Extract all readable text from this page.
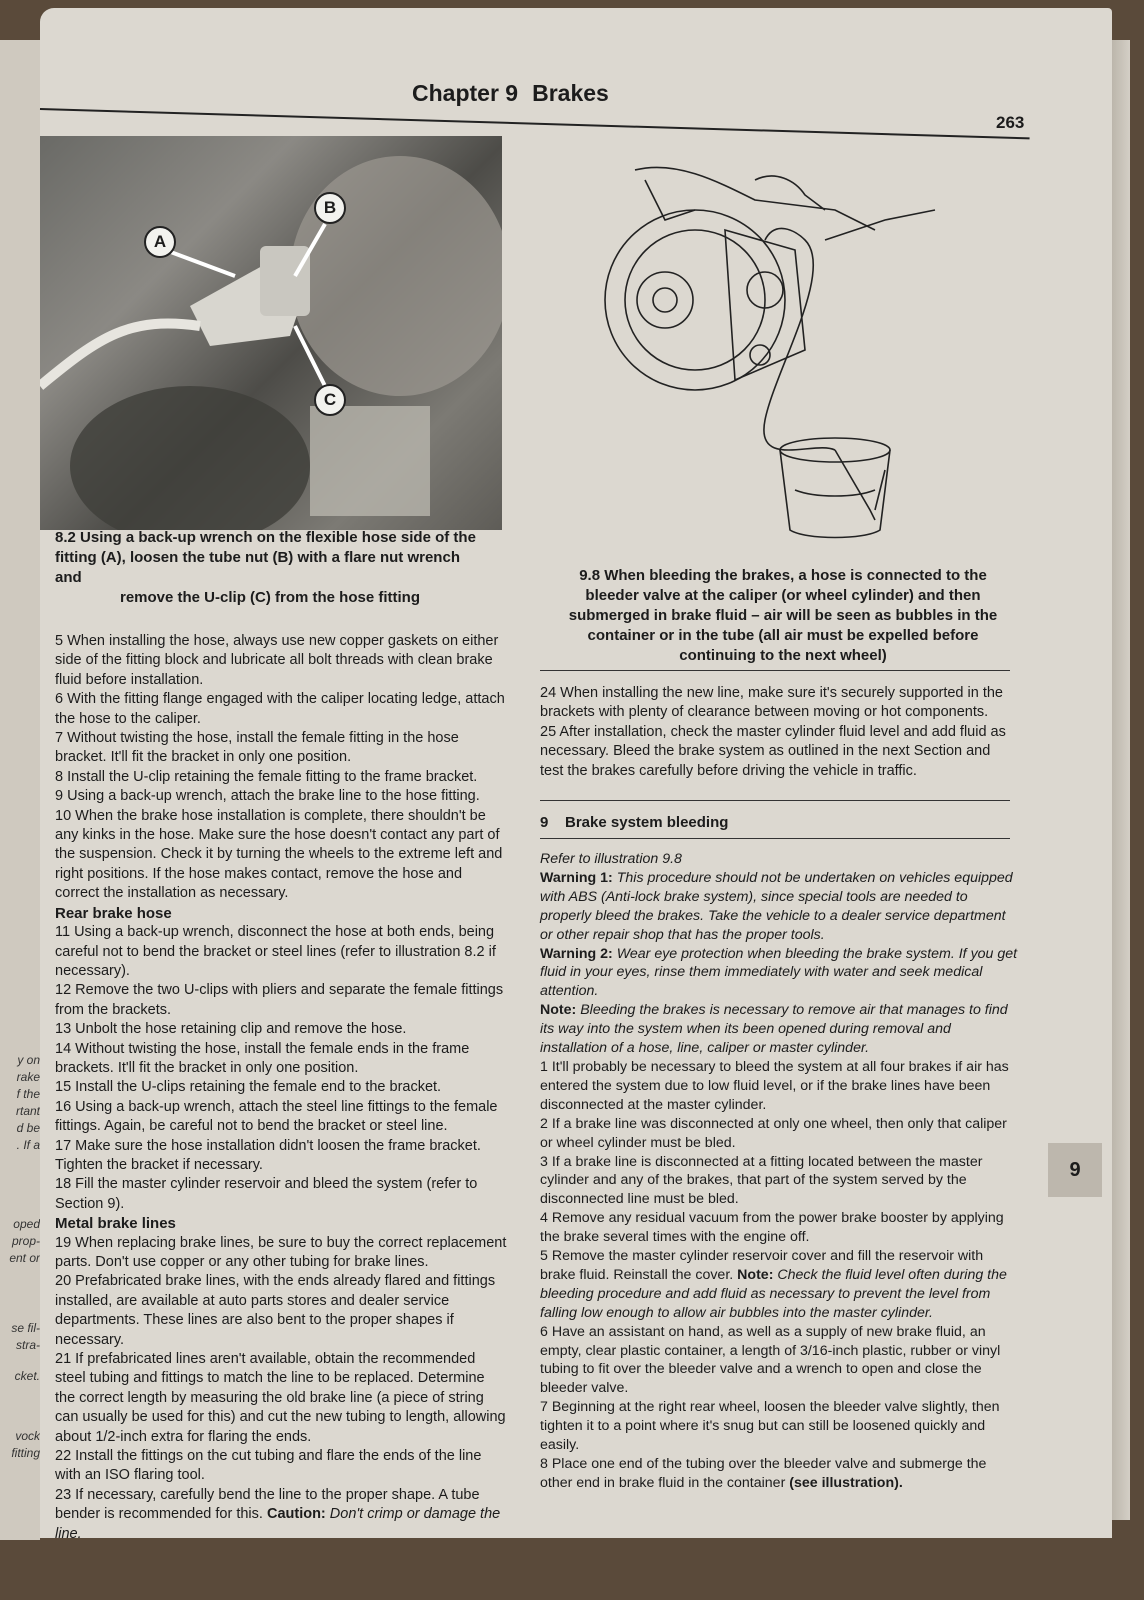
y on
rake
f the
rtant
d be
. If a
oped
prop-
ent or
se fil-
stra-
cket.
vock
fitting
Chapter 9 Brakes
263
A
B
C
8.2 Using a back-up wrench on the flexible hose side of the
fitting (A), loosen the tube nut (B) with a flare nut wrench and
remove the U-clip (C) from the hose fitting
9.8 When bleeding the brakes, a hose is connected to the
bleeder valve at the caliper (or wheel cylinder) and then
submerged in brake fluid – air will be seen as bubbles in the
container or in the tube (all air must be expelled before
continuing to the next wheel)

5 When installing the hose, always use new copper gaskets on either side of the fitting block and lubricate all bolt threads with clean brake fluid before installation.

6 With the fitting flange engaged with the caliper locating ledge, attach the hose to the caliper.

7 Without twisting the hose, install the female fitting in the hose bracket. It'll fit the bracket in only one position.

8 Install the U-clip retaining the female fitting to the frame bracket.

9 Using a back-up wrench, attach the brake line to the hose fitting.

10 When the brake hose installation is complete, there shouldn't be any kinks in the hose. Make sure the hose doesn't contact any part of the suspension. Check it by turning the wheels to the extreme left and right positions. If the hose makes contact, remove the hose and correct the installation as necessary.

Rear brake hose

11 Using a back-up wrench, disconnect the hose at both ends, being careful not to bend the bracket or steel lines (refer to illustration 8.2 if necessary).

12 Remove the two U-clips with pliers and separate the female fittings from the brackets.

13 Unbolt the hose retaining clip and remove the hose.

14 Without twisting the hose, install the female ends in the frame brackets. It'll fit the bracket in only one position.

15 Install the U-clips retaining the female end to the bracket.

16 Using a back-up wrench, attach the steel line fittings to the female fittings. Again, be careful not to bend the bracket or steel line.

17 Make sure the hose installation didn't loosen the frame bracket. Tighten the bracket if necessary.

18 Fill the master cylinder reservoir and bleed the system (refer to Section 9).

Metal brake lines

19 When replacing brake lines, be sure to buy the correct replacement parts. Don't use copper or any other tubing for brake lines.

20 Prefabricated brake lines, with the ends already flared and fittings installed, are available at auto parts stores and dealer service departments. These lines are also bent to the proper shapes if necessary.

21 If prefabricated lines aren't available, obtain the recommended steel tubing and fittings to match the line to be replaced. Determine the correct length by measuring the old brake line (a piece of string can usually be used for this) and cut the new tubing to length, allowing about 1/2-inch extra for flaring the ends.

22 Install the fittings on the cut tubing and flare the ends of the line with an ISO flaring tool.

23 If necessary, carefully bend the line to the proper shape. A tube bender is recommended for this. Caution: Don't crimp or damage the line.

24 When installing the new line, make sure it's securely supported in the brackets with plenty of clearance between moving or hot components.

25 After installation, check the master cylinder fluid level and add fluid as necessary. Bleed the brake system as outlined in the next Section and test the brakes carefully before driving the vehicle in traffic.

9 Brake system bleeding

Refer to illustration 9.8

Warning 1: This procedure should not be undertaken on vehicles equipped with ABS (Anti-lock brake system), since special tools are needed to properly bleed the brakes. Take the vehicle to a dealer service department or other repair shop that has the proper tools.

Warning 2: Wear eye protection when bleeding the brake system. If you get fluid in your eyes, rinse them immediately with water and seek medical attention.

Note: Bleeding the brakes is necessary to remove air that manages to find its way into the system when its been opened during removal and installation of a hose, line, caliper or master cylinder.

1 It'll probably be necessary to bleed the system at all four brakes if air has entered the system due to low fluid level, or if the brake lines have been disconnected at the master cylinder.

2 If a brake line was disconnected at only one wheel, then only that caliper or wheel cylinder must be bled.

3 If a brake line is disconnected at a fitting located between the master cylinder and any of the brakes, that part of the system served by the disconnected line must be bled.

4 Remove any residual vacuum from the power brake booster by applying the brake several times with the engine off.

5 Remove the master cylinder reservoir cover and fill the reservoir with brake fluid. Reinstall the cover. Note: Check the fluid level often during the bleeding procedure and add fluid as necessary to prevent the level from falling low enough to allow air bubbles into the master cylinder.

6 Have an assistant on hand, as well as a supply of new brake fluid, an empty, clear plastic container, a length of 3/16-inch plastic, rubber or vinyl tubing to fit over the bleeder valve and a wrench to open and close the bleeder valve.

7 Beginning at the right rear wheel, loosen the bleeder valve slightly, then tighten it to a point where it's snug but can still be loosened quickly and easily.

8 Place one end of the tubing over the bleeder valve and submerge the other end in brake fluid in the container (see illustration).

9
